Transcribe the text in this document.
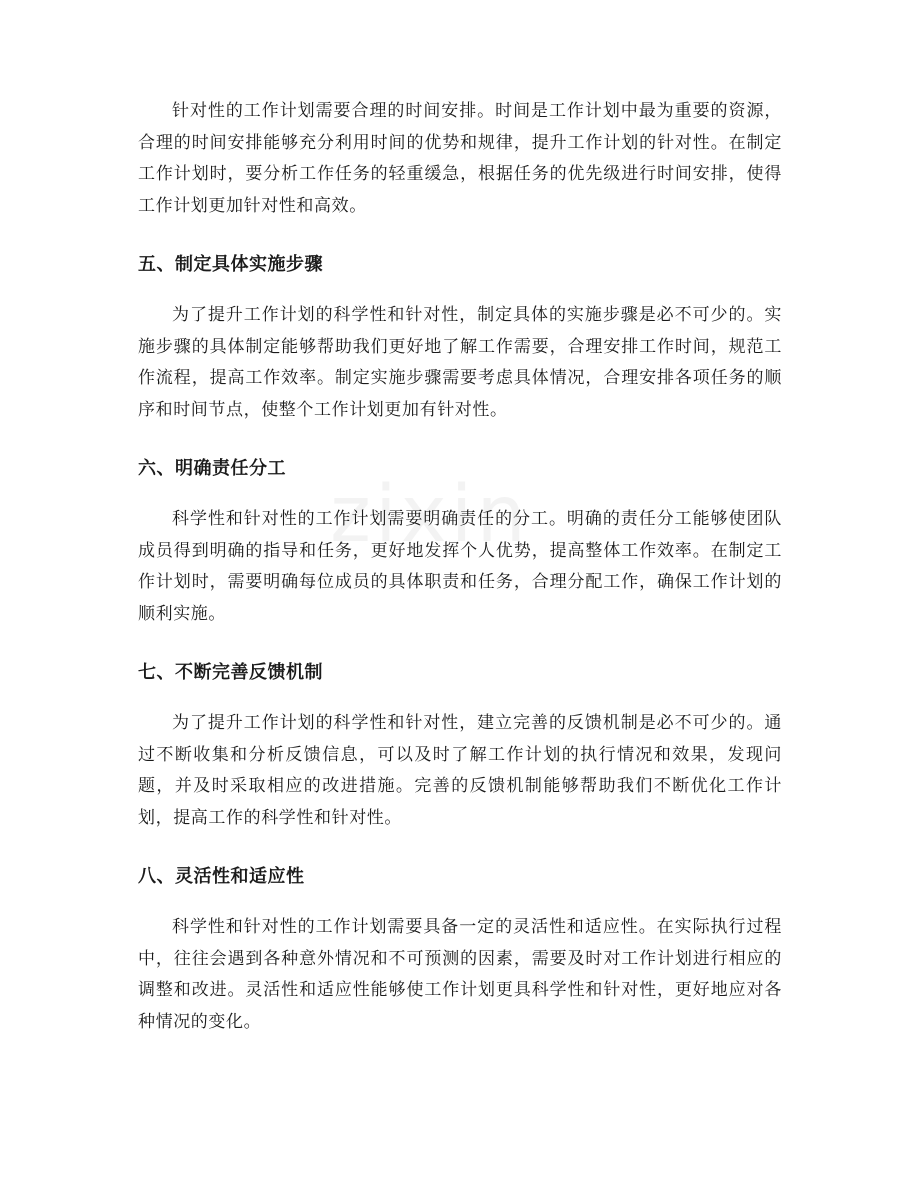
针对性的工作计划需要合理的时间安排。时间是工作计划中最为重要的资源，合理的时间安排能够充分利用时间的优势和规律，提升工作计划的针对性。在制定工作计划时，要分析工作任务的轻重缓急，根据任务的优先级进行时间安排，使得工作计划更加针对性和高效。

五、制定具体实施步骤

为了提升工作计划的科学性和针对性，制定具体的实施步骤是必不可少的。实施步骤的具体制定能够帮助我们更好地了解工作需要，合理安排工作时间，规范工作流程，提高工作效率。制定实施步骤需要考虑具体情况，合理安排各项任务的顺序和时间节点，使整个工作计划更加有针对性。

六、明确责任分工

科学性和针对性的工作计划需要明确责任的分工。明确的责任分工能够使团队成员得到明确的指导和任务，更好地发挥个人优势，提高整体工作效率。在制定工作计划时，需要明确每位成员的具体职责和任务，合理分配工作，确保工作计划的顺利实施。

七、不断完善反馈机制

为了提升工作计划的科学性和针对性，建立完善的反馈机制是必不可少的。通过不断收集和分析反馈信息，可以及时了解工作计划的执行情况和效果，发现问题，并及时采取相应的改进措施。完善的反馈机制能够帮助我们不断优化工作计划，提高工作的科学性和针对性。

八、灵活性和适应性

科学性和针对性的工作计划需要具备一定的灵活性和适应性。在实际执行过程中，往往会遇到各种意外情况和不可预测的因素，需要及时对工作计划进行相应的调整和改进。灵活性和适应性能够使工作计划更具科学性和针对性，更好地应对各种情况的变化。
